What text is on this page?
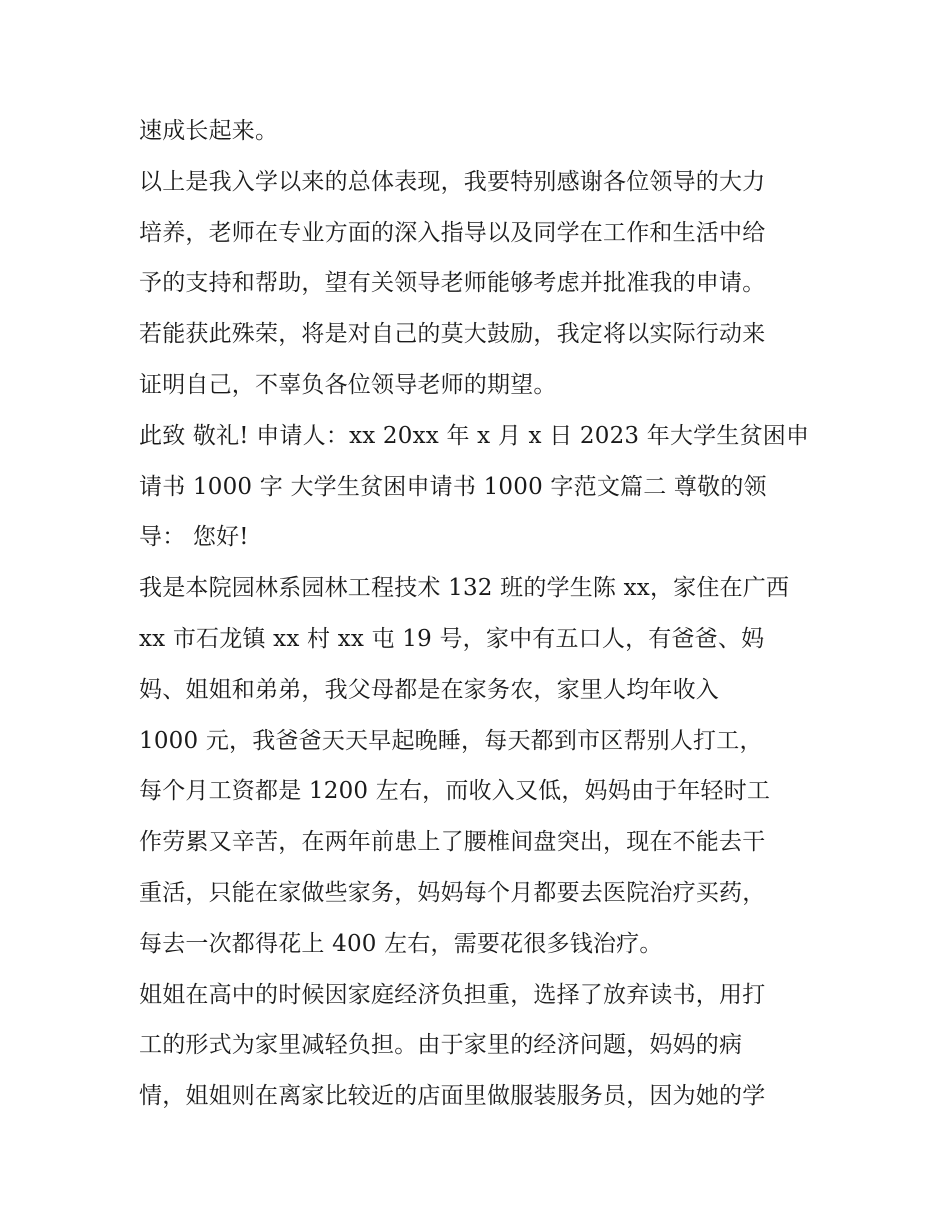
速成长起来。
以上是我入学以来的总体表现，我要特别感谢各位领导的大力
培养，老师在专业方面的深入指导以及同学在工作和生活中给
予的支持和帮助，望有关领导老师能够考虑并批准我的申请。
若能获此殊荣，将是对自己的莫大鼓励，我定将以实际行动来
证明自己，不辜负各位领导老师的期望。
此致 敬礼! 申请人：xx 20xx 年 x 月 x 日 2023 年大学生贫困申
请书 1000 字 大学生贫困申请书 1000 字范文篇二 尊敬的领
导： 您好!
我是本院园林系园林工程技术 132 班的学生陈 xx，家住在广西
xx 市石龙镇 xx 村 xx 屯 19 号，家中有五口人，有爸爸、妈
妈、姐姐和弟弟，我父母都是在家务农，家里人均年收入
1000 元，我爸爸天天早起晚睡，每天都到市区帮别人打工，
每个月工资都是 1200 左右，而收入又低，妈妈由于年轻时工
作劳累又辛苦，在两年前患上了腰椎间盘突出，现在不能去干
重活，只能在家做些家务，妈妈每个月都要去医院治疗买药，
每去一次都得花上 400 左右，需要花很多钱治疗。
姐姐在高中的时候因家庭经济负担重，选择了放弃读书，用打
工的形式为家里减轻负担。由于家里的经济问题，妈妈的病
情，姐姐则在离家比较近的店面里做服装服务员，因为她的学
